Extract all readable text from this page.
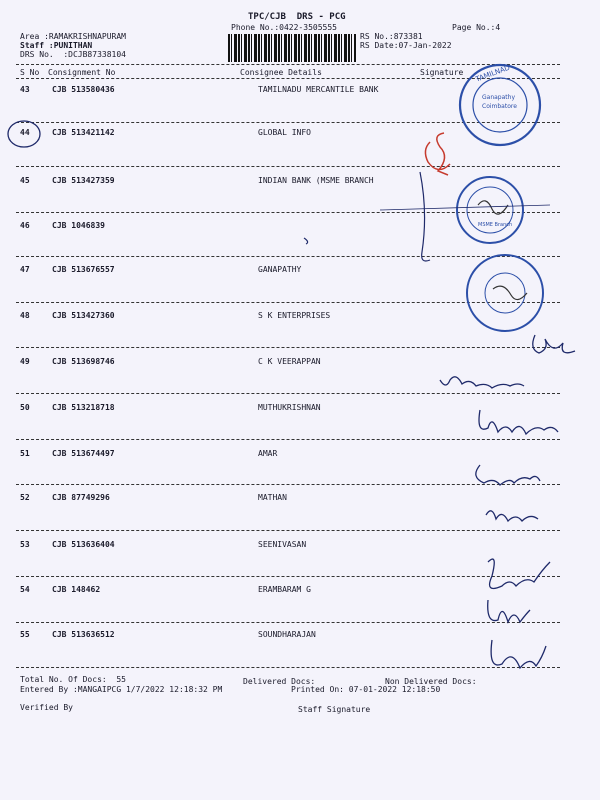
TPC/CJB  DRS - PCG
Phone No.:0422-3505555	Page No.:4
Area :RAMAKRISHNAPURAM
Staff :PUNITHAN
DRS No.  :DCJB87338104
RS No.:873381
RS Date:07-Jan-2022
S No Consignment No	Consignee Details	Signature
43	CJB 513580436	TAMILNADU MERCANTILE BANK
44	CJB 513421142	GLOBAL INFO
45	CJB 513427359	INDIAN BANK (MSME BRANCH
46	CJB 1046839
47	CJB 513676557	GANAPATHY
48	CJB 513427360	S K ENTERPRISES
49	CJB 513698746	C K VEERAPPAN
50	CJB 513218718	MUTHUKRISHNAN
51	CJB 513674497	AMAR
52	CJB 87749296	MATHAN
53	CJB 513636404	SEENIVASAN
54	CJB 148462	ERAMBARAM G
55	CJB 513636512	SOUNDHARAJAN
Total No. Of Docs:  55	Delivered Docs:	Non Delivered Docs:
Entered By :MANGAIPCG 1/7/2022 12:18:32 PM	Printed On: 07-01-2022 12:18:50
Verified By	Staff Signature
Ganapathy
Coimbatore
TAMILNAD
MSME Branch
